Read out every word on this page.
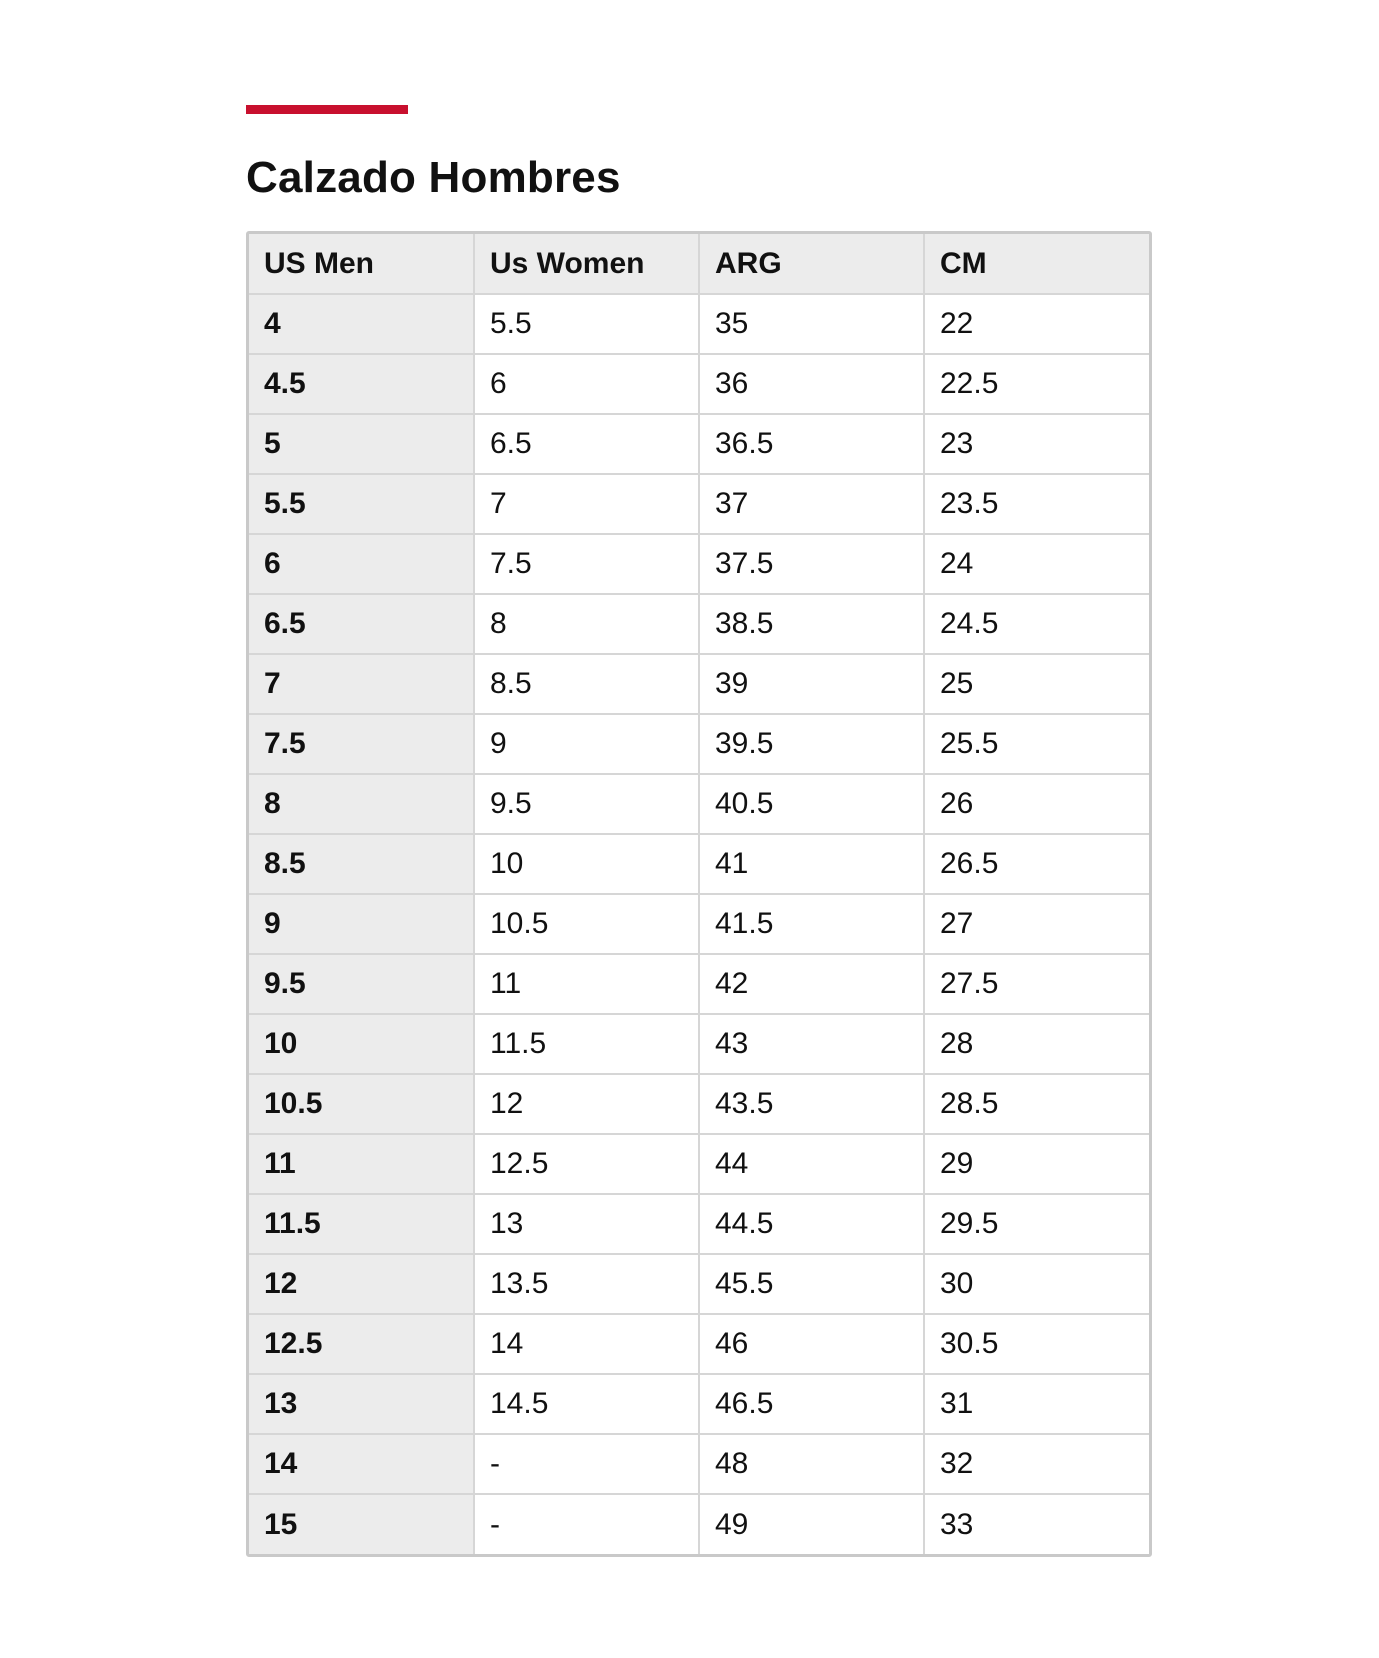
Calzado Hombres
US Men	Us Women	ARG	CM
4	5.5	35	22
4.5	6	36	22.5
5	6.5	36.5	23
5.5	7	37	23.5
6	7.5	37.5	24
6.5	8	38.5	24.5
7	8.5	39	25
7.5	9	39.5	25.5
8	9.5	40.5	26
8.5	10	41	26.5
9	10.5	41.5	27
9.5	11	42	27.5
10	11.5	43	28
10.5	12	43.5	28.5
11	12.5	44	29
11.5	13	44.5	29.5
12	13.5	45.5	30
12.5	14	46	30.5
13	14.5	46.5	31
14	-	48	32
15	-	49	33
